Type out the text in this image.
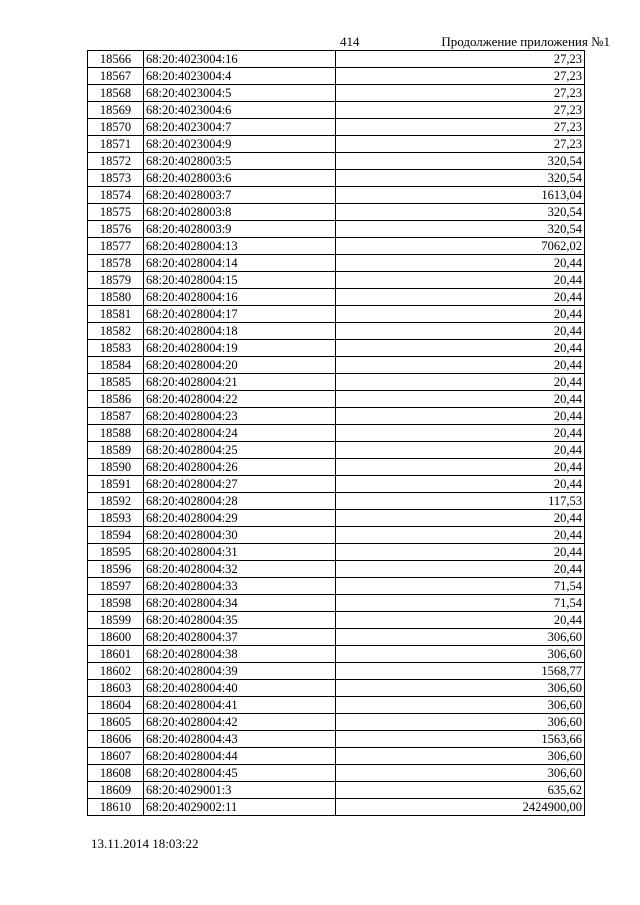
414	Продолжение приложения №1
18566	68:20:4023004:16	27,23
18567	68:20:4023004:4	27,23
18568	68:20:4023004:5	27,23
18569	68:20:4023004:6	27,23
18570	68:20:4023004:7	27,23
18571	68:20:4023004:9	27,23
18572	68:20:4028003:5	320,54
18573	68:20:4028003:6	320,54
18574	68:20:4028003:7	1613,04
18575	68:20:4028003:8	320,54
18576	68:20:4028003:9	320,54
18577	68:20:4028004:13	7062,02
18578	68:20:4028004:14	20,44
18579	68:20:4028004:15	20,44
18580	68:20:4028004:16	20,44
18581	68:20:4028004:17	20,44
18582	68:20:4028004:18	20,44
18583	68:20:4028004:19	20,44
18584	68:20:4028004:20	20,44
18585	68:20:4028004:21	20,44
18586	68:20:4028004:22	20,44
18587	68:20:4028004:23	20,44
18588	68:20:4028004:24	20,44
18589	68:20:4028004:25	20,44
18590	68:20:4028004:26	20,44
18591	68:20:4028004:27	20,44
18592	68:20:4028004:28	117,53
18593	68:20:4028004:29	20,44
18594	68:20:4028004:30	20,44
18595	68:20:4028004:31	20,44
18596	68:20:4028004:32	20,44
18597	68:20:4028004:33	71,54
18598	68:20:4028004:34	71,54
18599	68:20:4028004:35	20,44
18600	68:20:4028004:37	306,60
18601	68:20:4028004:38	306,60
18602	68:20:4028004:39	1568,77
18603	68:20:4028004:40	306,60
18604	68:20:4028004:41	306,60
18605	68:20:4028004:42	306,60
18606	68:20:4028004:43	1563,66
18607	68:20:4028004:44	306,60
18608	68:20:4028004:45	306,60
18609	68:20:4029001:3	635,62
18610	68:20:4029002:11	2424900,00
13.11.2014 18:03:22
